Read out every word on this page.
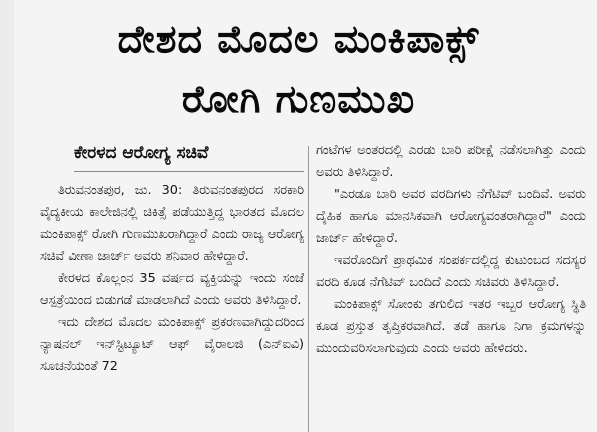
ದೇಶದ ಮೊದಲ ಮಂಕಿಪಾಕ್ಸ್
ರೋಗಿ ಗುಣಮುಖ
ಕೇರಳದ ಆರೋಗ್ಯ ಸಚಿವೆ

ತಿರುವನಂತಪುರ, ಜು. 30: ತಿರುವನಂತಪುರದ ಸರಕಾರಿ ವೈದ್ಯಕೀಯ ಕಾಲೇಜಿನಲ್ಲಿ ಚಿಕಿತ್ಸೆ ಪಡೆಯುತ್ತಿದ್ದ ಭಾರತದ ಮೊದಲ ಮಂಕಿಪಾಕ್ಸ್ ರೋಗಿ ಗುಣಮುಖರಾಗಿದ್ದಾರೆ ಎಂದು ರಾಜ್ಯ ಆರೋಗ್ಯ ಸಚಿವೆ ವೀಣಾ ಜಾರ್ಜ್ ಅವರು ಶನಿವಾರ ಹೇಳಿದ್ದಾರೆ.

ಕೇರಳದ ಕೊಲ್ಲಂನ 35 ವರ್ಷದ ವ್ಯಕ್ತಿಯನ್ನು ಇಂದು ಸಂಜೆ ಆಸ್ಪತ್ರೆಯಿಂದ ಬಿಡುಗಡೆ ಮಾಡಲಾಗಿದೆ ಎಂದು ಅವರು ತಿಳಿಸಿದ್ದಾರೆ.

ಇದು ದೇಶದ ಮೊದಲ ಮಂಕಿಪಾಕ್ಸ್ ಪ್ರಕರಣವಾಗಿದ್ದುದರಿಂದ ನ್ಯಾಷನಲ್ ಇನ್‌ಸ್ಟಿಟ್ಯೂಟ್ ಆಫ್ ವೈರಾಲಜಿ (ಎನ್‌ಐವಿ) ಸೂಚನೆಯಂತೆ 72

ಗಂಟೆಗಳ ಅಂತರದಲ್ಲಿ ಎರಡು ಬಾರಿ ಪರೀಕ್ಷೆ ನಡೆಸಲಾಗಿತ್ತು ಎಂದು ಅವರು ತಿಳಿಸಿದ್ದಾರೆ.

"ಎರಡೂ ಬಾರಿ ಅವರ ವರದಿಗಳು ನೆಗೆಟಿವ್ ಬಂದಿವೆ. ಅವರು ದೈಹಿಕ ಹಾಗೂ ಮಾನಸಿಕವಾಗಿ ಆರೋಗ್ಯವಂತರಾಗಿದ್ದಾರೆ" ಎಂದು ಜಾರ್ಜ್ ಹೇಳಿದ್ದಾರೆ.

ಇವರೊಂದಿಗೆ ಪ್ರಾಥಮಿಕ ಸಂಪರ್ಕದಲ್ಲಿದ್ದ ಕುಟುಂಬದ ಸದಸ್ಯರ ವರದಿ ಕೂಡ ನೆಗೆಟಿವ್ ಬಂದಿದೆ ಎಂದು ಸಚಿವರು ತಿಳಿಸಿದ್ದಾರೆ.

ಮಂಕಿಪಾಕ್ಸ್ ಸೋಂಕು ತಗುಲಿದ ಇತರ ಇಬ್ಬರ ಆರೋಗ್ಯ ಸ್ಥಿತಿ ಕೂಡ ಪ್ರಸ್ತುತ ತೃಪ್ತಿಕರವಾಗಿದೆ. ತಡೆ ಹಾಗೂ ನಿಗಾ ಕ್ರಮಗಳನ್ನು ಮುಂದುವರಿಸಲಾಗುವುದು ಎಂದು ಅವರು ಹೇಳಿದರು.
